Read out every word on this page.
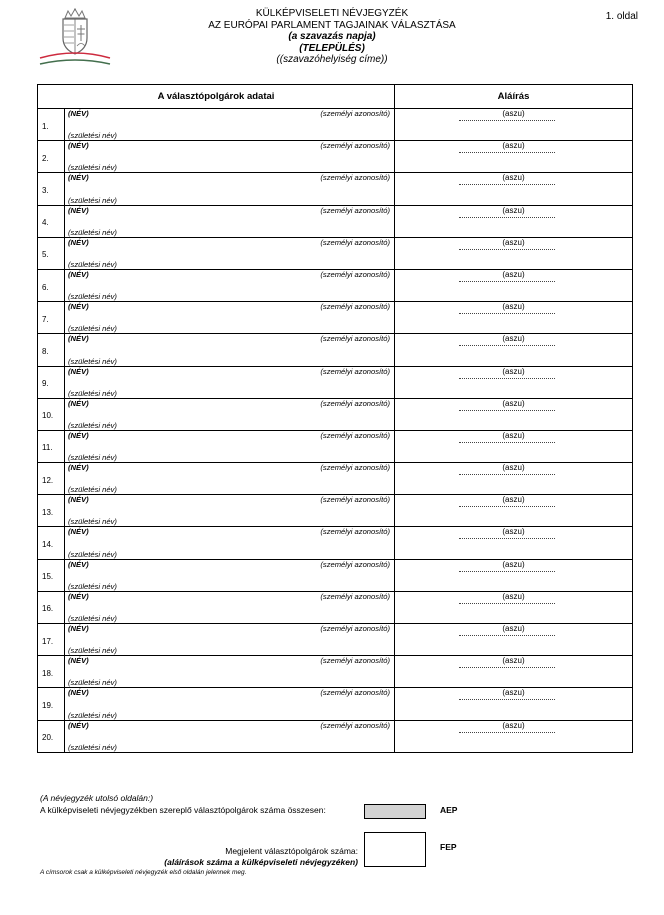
KÜLKÉPVISELETI NÉVJEGYZÉK
AZ EURÓPAI PARLAMENT TAGJAINAK VÁLASZTÁSA
(a szavazás napja)
(TELEPÜLÉS)
((szavazóhelyiség címe))
1. oldal
A választópolgárok adatai		Aláírás
1.	(NÉV) (személyi azonosító)
(születési név)	(aszu)

2.	(NÉV) (személyi azonosító)
(születési név)	(aszu)

3.	(NÉV) (személyi azonosító)
(születési név)	(aszu)

4.	(NÉV) (személyi azonosító)
(születési név)	(aszu)

5.	(NÉV) (személyi azonosító)
(születési név)	(aszu)

6.	(NÉV) (személyi azonosító)
(születési név)	(aszu)

7.	(NÉV) (személyi azonosító)
(születési név)	(aszu)

8.	(NÉV) (személyi azonosító)
(születési név)	(aszu)

9.	(NÉV) (személyi azonosító)
(születési név)	(aszu)

10.	(NÉV) (személyi azonosító)
(születési név)	(aszu)

11.	(NÉV) (személyi azonosító)
(születési név)	(aszu)

12.	(NÉV) (személyi azonosító)
(születési név)	(aszu)

13.	(NÉV) (személyi azonosító)
(születési név)	(aszu)

14.	(NÉV) (személyi azonosító)
(születési név)	(aszu)

15.	(NÉV) (személyi azonosító)
(születési név)	(aszu)

16.	(NÉV) (személyi azonosító)
(születési név)	(aszu)

17.	(NÉV) (személyi azonosító)
(születési név)	(aszu)

18.	(NÉV) (személyi azonosító)
(születési név)	(aszu)

19.	(NÉV) (személyi azonosító)
(születési név)	(aszu)

20.	(NÉV) (személyi azonosító)
(születési név)	(aszu)
(A névjegyzék utolsó oldalán:)
A külképviseleti névjegyzékben szereplő választópolgárok száma összesen:	AEP
Megjelent választópolgárok száma:
(aláírások száma a külképviseleti névjegyzéken)
FEP
A címsorok csak a külképviseleti névjegyzék első oldalán jelennek meg.
